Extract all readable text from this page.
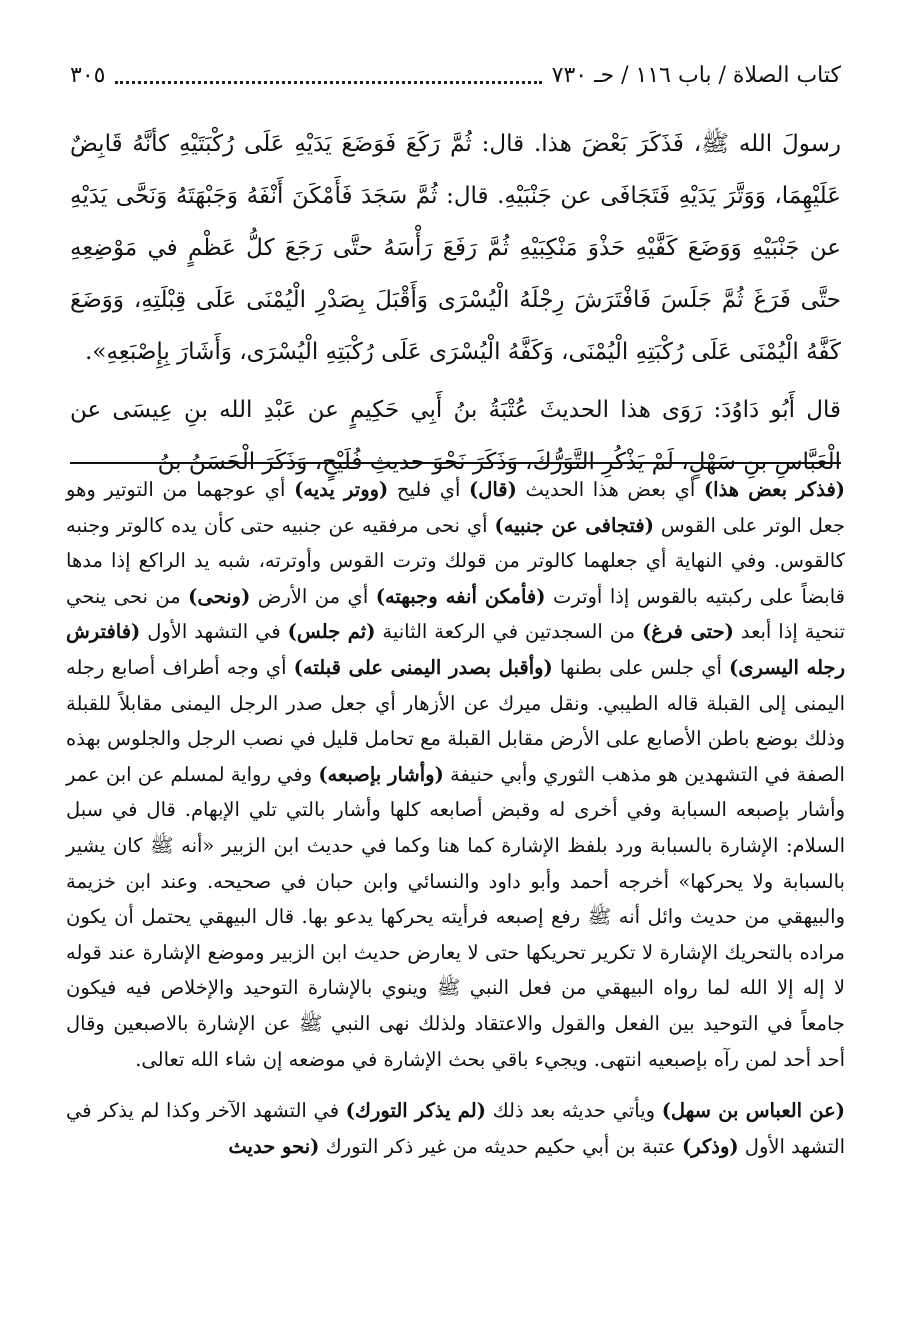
كتاب الصلاة / باب ١١٦ / حـ ٧٣٠
٣٠٥

رسولَ الله ﷺ، فَذَكَرَ بَعْضَ هذا. قال: ثُمَّ رَكَعَ فَوَضَعَ يَدَيْهِ عَلَى رُكْبَتَيْهِ كأنَّهُ قَابِضٌ عَلَيْهِمَا، وَوَتَّرَ يَدَيْهِ فَتَجَافَى عن جَنْبَيْهِ. قال: ثُمَّ سَجَدَ فَأَمْكَنَ أَنْفَهُ وَجَبْهَتَهُ وَنَحَّى يَدَيْهِ عن جَنْبَيْهِ وَوَضَعَ كَفَّيْهِ حَذْوَ مَنْكِبَيْهِ ثُمَّ رَفَعَ رَأْسَهُ حتَّى رَجَعَ كلُّ عَظْمٍ في مَوْضِعِهِ حتَّى فَرَغَ ثُمَّ جَلَسَ فَافْتَرَشَ رِجْلَهُ الْيُسْرَى وَأَقْبَلَ بِصَدْرِ الْيُمْنَى عَلَى قِبْلَتِهِ، وَوَضَعَ كَفَّهُ الْيُمْنَى عَلَى رُكْبَتِهِ الْيُمْنَى، وَكَفَّهُ الْيُسْرَى عَلَى رُكْبَتِهِ الْيُسْرَى، وَأَشَارَ بِإِصْبَعِهِ».

قال أَبُو دَاوُدَ: رَوَى هذا الحديثَ عُتْبَةُ بنُ أَبِي حَكِيمٍ عن عَبْدِ الله بنِ عِيسَى عن الْعَبَّاسِ بنِ سَهْلٍ، لَمْ يَذْكُرِ التَّوَرُّكَ، وَذَكَرَ نَحْوَ حديثِ فُلَيْحٍ، وَذَكَرَ الْحَسَنُ بنُ

(فذكر بعض هذا) أي بعض هذا الحديث (قال) أي فليح (ووتر يديه) أي عوجهما من التوتير وهو جعل الوتر على القوس (فتجافى عن جنبيه) أي نحى مرفقيه عن جنبيه حتى كأن يده كالوتر وجنبه كالقوس. وفي النهاية أي جعلهما كالوتر من قولك وترت القوس وأوترته، شبه يد الراكع إذا مدها قابضاً على ركبتيه بالقوس إذا أوترت (فأمكن أنفه وجبهته) أي من الأرض (ونحى) من نحى ينحي تنحية إذا أبعد (حتى فرغ) من السجدتين في الركعة الثانية (ثم جلس) في التشهد الأول (فافترش رجله اليسرى) أي جلس على بطنها (وأقبل بصدر اليمنى على قبلته) أي وجه أطراف أصابع رجله اليمنى إلى القبلة قاله الطيبي. ونقل ميرك عن الأزهار أي جعل صدر الرجل اليمنى مقابلاً للقبلة وذلك بوضع باطن الأصابع على الأرض مقابل القبلة مع تحامل قليل في نصب الرجل والجلوس بهذه الصفة في التشهدين هو مذهب الثوري وأبي حنيفة (وأشار بإصبعه) وفي رواية لمسلم عن ابن عمر وأشار بإصبعه السبابة وفي أخرى له وقبض أصابعه كلها وأشار بالتي تلي الإبهام. قال في سبل السلام: الإشارة بالسبابة ورد بلفظ الإشارة كما هنا وكما في حديث ابن الزبير «أنه ﷺ كان يشير بالسبابة ولا يحركها» أخرجه أحمد وأبو داود والنسائي وابن حبان في صحيحه. وعند ابن خزيمة والبيهقي من حديث وائل أنه ﷺ رفع إصبعه فرأيته يحركها يدعو بها. قال البيهقي يحتمل أن يكون مراده بالتحريك الإشارة لا تكرير تحريكها حتى لا يعارض حديث ابن الزبير وموضع الإشارة عند قوله لا إله إلا الله لما رواه البيهقي من فعل النبي ﷺ وينوي بالإشارة التوحيد والإخلاص فيه فيكون جامعاً في التوحيد بين الفعل والقول والاعتقاد ولذلك نهى النبي ﷺ عن الإشارة بالاصبعين وقال أحد أحد لمن رآه بإصبعيه انتهى. ويجيء باقي بحث الإشارة في موضعه إن شاء الله تعالى.

(عن العباس بن سهل) ويأتي حديثه بعد ذلك (لم يذكر التورك) في التشهد الآخر وكذا لم يذكر في التشهد الأول (وذكر) عتبة بن أبي حكيم حديثه من غير ذكر التورك (نحو حديث
